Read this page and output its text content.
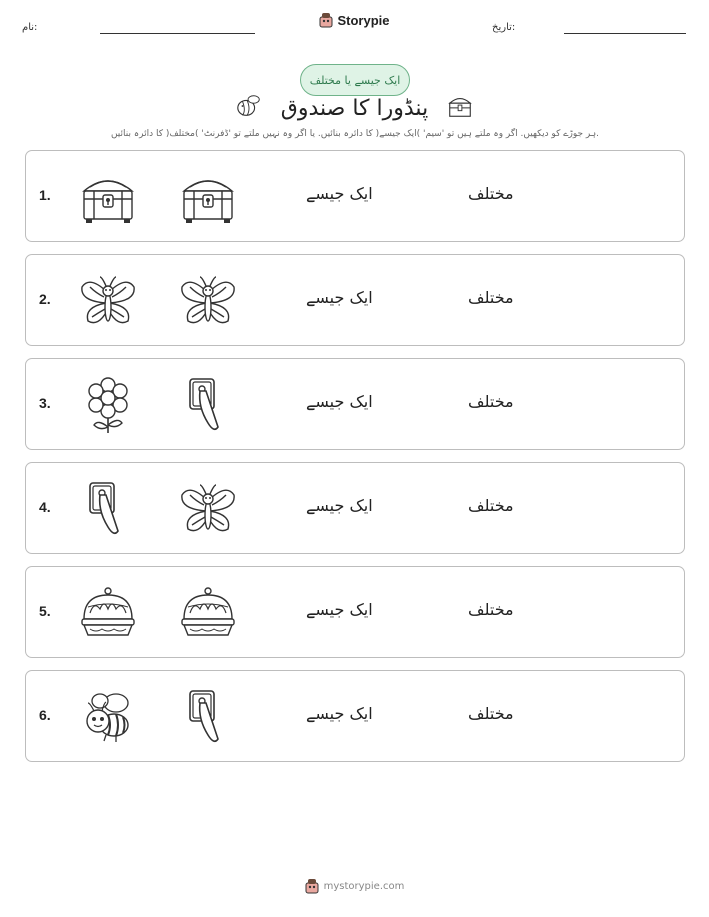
نام:	Storypie	تاریخ:
ایک جیسے یا مختلف
پنڈورا کا صندوق
ہر جوڑے کو دیکھیں. اگر وہ ملتے ہیں تو 'سیم' )ایک جیسے( کا دائرہ بنائیں. یا اگر وہ نہیں ملتے تو 'ڈفرنٹ' )مختلف( کا دائرہ بنائیں.
1.	ایک جیسے	مختلف
2.	ایک جیسے	مختلف
3.	ایک جیسے	مختلف
4.	ایک جیسے	مختلف
5.	ایک جیسے	مختلف
6.	ایک جیسے	مختلف
mystorypie.com
